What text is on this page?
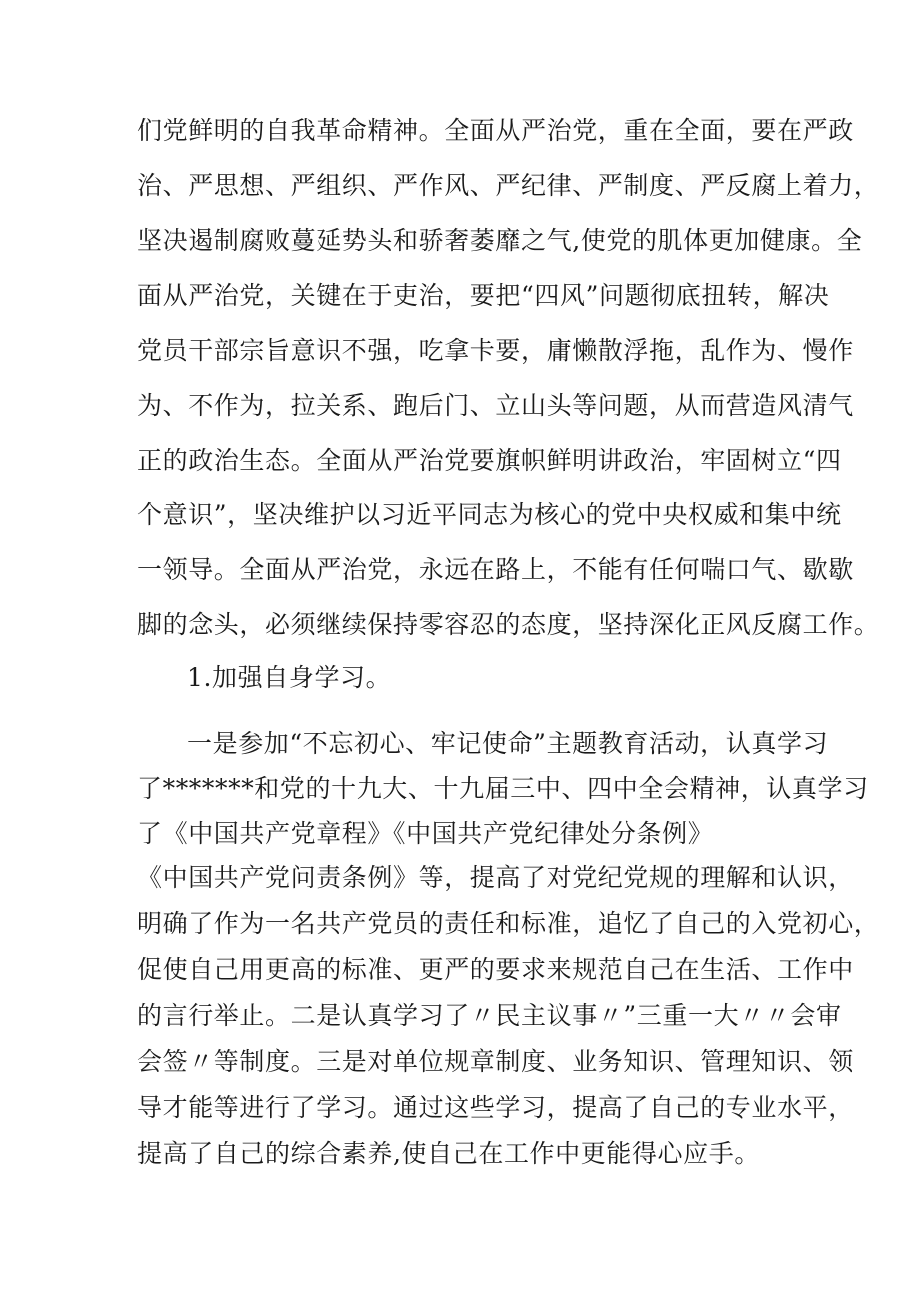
们党鲜明的自我革命精神。全面从严治党，重在全面，要在严政
治、严思想、严组织、严作风、严纪律、严制度、严反腐上着力，
坚决遏制腐败蔓延势头和骄奢萎靡之气,使党的肌体更加健康。全
面从严治党，关键在于吏治，要把“四风”问题彻底扭转，解决
党员干部宗旨意识不强，吃拿卡要，庸懒散浮拖，乱作为、慢作
为、不作为，拉关系、跑后门、立山头等问题，从而营造风清气
正的政治生态。全面从严治党要旗帜鲜明讲政治，牢固树立“四
个意识”，坚决维护以习近平同志为核心的党中央权威和集中统
一领导。全面从严治党，永远在路上，不能有任何喘口气、歇歇
脚的念头，必须继续保持零容忍的态度，坚持深化正风反腐工作。
1.加强自身学习。
一是参加“不忘初心、牢记使命”主题教育活动，认真学习
了*******和党的十九大、十九届三中、四中全会精神，认真学习
了《中国共产党章程》《中国共产党纪律处分条例》
《中国共产党问责条例》等，提高了对党纪党规的理解和认识，
明确了作为一名共产党员的责任和标准，追忆了自己的入党初心，
促使自己用更高的标准、更严的要求来规范自己在生活、工作中
的言行举止。二是认真学习了〃民主议事〃”三重一大〃〃会审
会签〃等制度。三是对单位规章制度、业务知识、管理知识、领
导才能等进行了学习。通过这些学习，提高了自己的专业水平，
提高了自己的综合素养,使自己在工作中更能得心应手。
